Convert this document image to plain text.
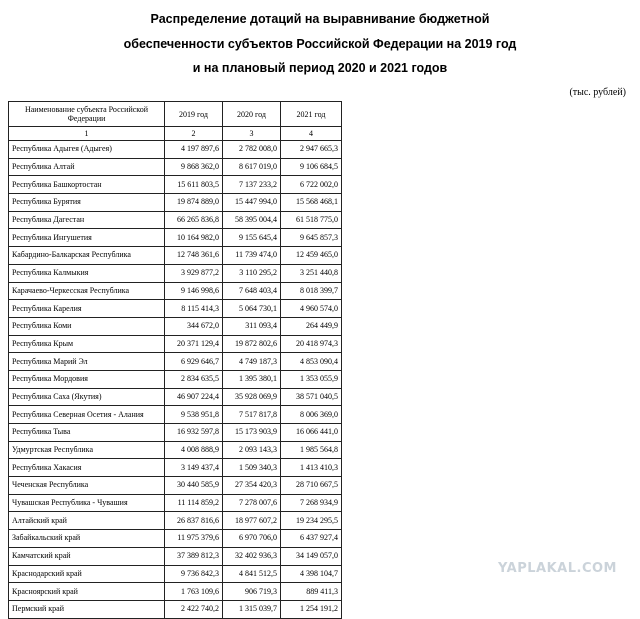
Распределение дотаций на выравнивание бюджетной

обеспеченности субъектов Российской Федерации на 2019 год

и на плановый период 2020 и 2021 годов

(тыс. рублей)
Наименование субъекта Российской Федерации	2019 год	2020 год	2021 год
1	2	3	4
Республика Адыгея (Адыгея)	4 197 897,6	2 782 008,0	2 947 665,3
Республика Алтай	9 868 362,0	8 617 019,0	9 106 684,5
Республика Башкортостан	15 611 803,5	7 137 233,2	6 722 002,0
Республика Бурятия	19 874 889,0	15 447 994,0	15 568 468,1
Республика Дагестан	66 265 836,8	58 395 004,4	61 518 775,0
Республика Ингушетия	10 164 982,0	9 155 645,4	9 645 857,3
Кабардино-Балкарская Республика	12 748 361,6	11 739 474,0	12 459 465,0
Республика Калмыкия	3 929 877,2	3 110 295,2	3 251 440,8
Карачаево-Черкесская Республика	9 146 998,6	7 648 403,4	8 018 399,7
Республика Карелия	8 115 414,3	5 064 730,1	4 960 574,0
Республика Коми	344 672,0	311 093,4	264 449,9
Республика Крым	20 371 129,4	19 872 802,6	20 418 974,3
Республика Марий Эл	6 929 646,7	4 749 187,3	4 853 090,4
Республика Мордовия	2 834 635,5	1 395 380,1	1 353 055,9
Республика Саха (Якутия)	46 907 224,4	35 928 069,9	38 571 040,5
Республика Северная Осетия - Алания	9 538 951,8	7 517 817,8	8 006 369,0
Республика Тыва	16 932 597,8	15 173 903,9	16 066 441,0
Удмуртская Республика	4 008 888,9	2 093 143,3	1 985 564,8
Республика Хакасия	3 149 437,4	1 509 340,3	1 413 410,3
Чеченская Республика	30 440 585,9	27 354 420,3	28 710 667,5
Чувашская Республика - Чувашия	11 114 859,2	7 278 007,6	7 268 934,9
Алтайский край	26 837 816,6	18 977 607,2	19 234 295,5
Забайкальский край	11 975 379,6	6 970 706,0	6 437 927,4
Камчатский край	37 389 812,3	32 402 936,3	34 149 057,0
Краснодарский край	9 736 842,3	4 841 512,5	4 398 104,7
Красноярский край	1 763 109,6	906 719,3	889 411,3
Пермский край	2 422 740,2	1 315 039,7	1 254 191,2
YAPLAKAL.COM
